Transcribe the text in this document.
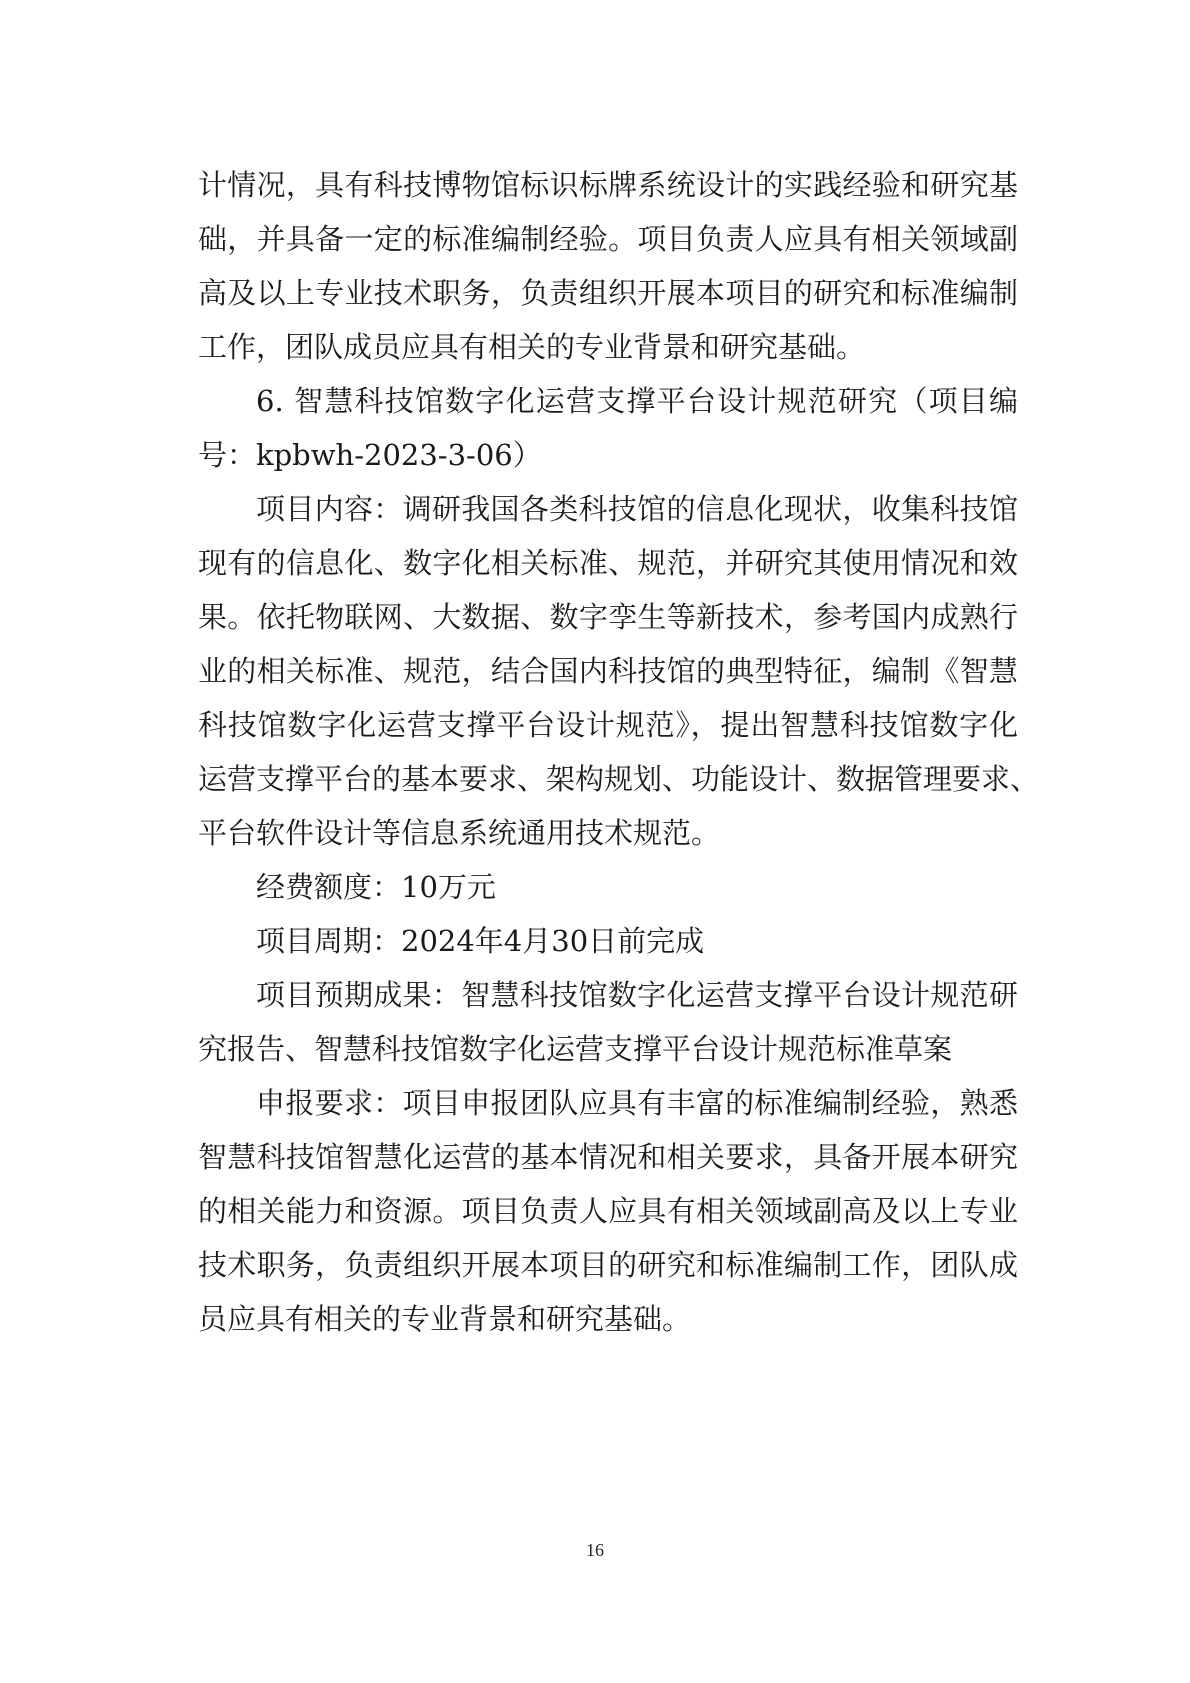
计情况，具有科技博物馆标识标牌系统设计的实践经验和研究基
础，并具备一定的标准编制经验。项目负责人应具有相关领域副
高及以上专业技术职务，负责组织开展本项目的研究和标准编制
工作，团队成员应具有相关的专业背景和研究基础。
6. 智慧科技馆数字化运营支撑平台设计规范研究（项目编
号：kpbwh-2023-3-06）
项目内容：调研我国各类科技馆的信息化现状，收集科技馆
现有的信息化、数字化相关标准、规范，并研究其使用情况和效
果。依托物联网、大数据、数字孪生等新技术，参考国内成熟行
业的相关标准、规范，结合国内科技馆的典型特征，编制《智慧
科技馆数字化运营支撑平台设计规范》，提出智慧科技馆数字化
运营支撑平台的基本要求、架构规划、功能设计、数据管理要求、
平台软件设计等信息系统通用技术规范。
经费额度：10万元
项目周期：2024年4月30日前完成
项目预期成果：智慧科技馆数字化运营支撑平台设计规范研
究报告、智慧科技馆数字化运营支撑平台设计规范标准草案
申报要求：项目申报团队应具有丰富的标准编制经验，熟悉
智慧科技馆智慧化运营的基本情况和相关要求，具备开展本研究
的相关能力和资源。项目负责人应具有相关领域副高及以上专业
技术职务，负责组织开展本项目的研究和标准编制工作，团队成
员应具有相关的专业背景和研究基础。
16
